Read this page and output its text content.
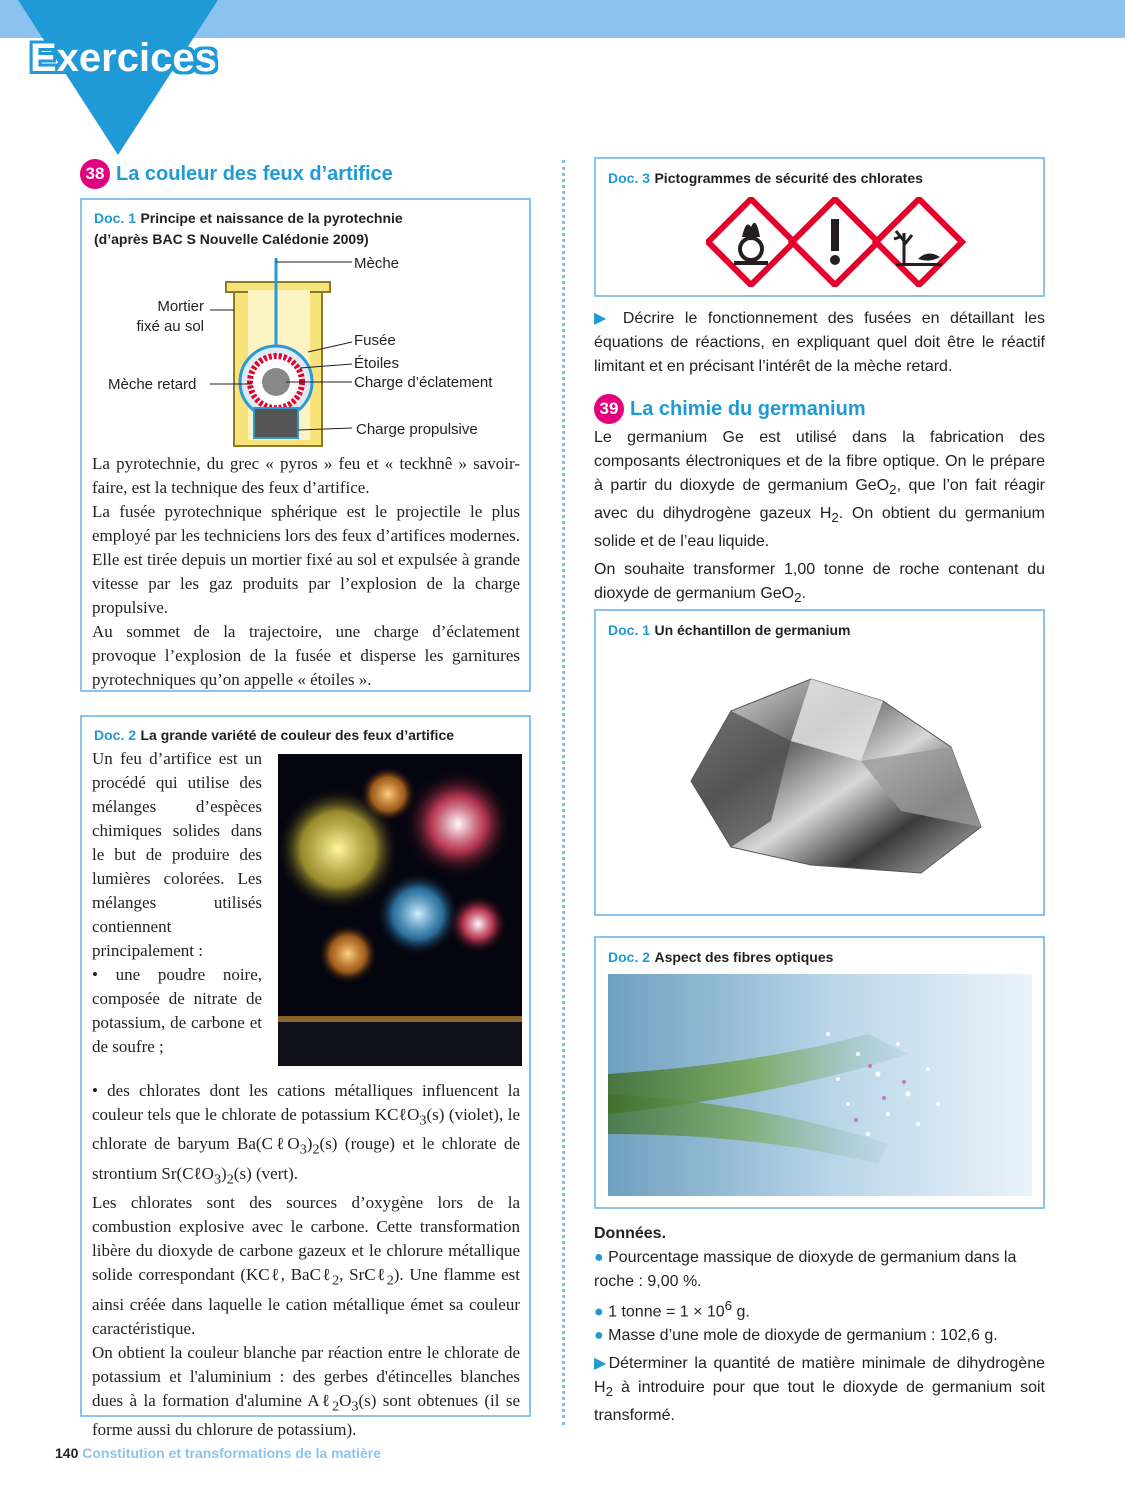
Exercices
38 La couleur des feux d’artifice
Doc. 1 Principe et naissance de la pyrotechnie
(d’après BAC S Nouvelle Calédonie 2009)
Mèche
Mortier
fixé au sol
Fusée
Étoiles
Mèche retard	Charge d’éclatement
Charge propulsive
La pyrotechnie, du grec « pyros » feu et « teckhnê » savoir-faire, est la technique des feux d’artifice.
La fusée pyrotechnique sphérique est le projectile le plus employé par les techniciens lors des feux d’artifices modernes. Elle est tirée depuis un mortier fixé au sol et expulsée à grande vitesse par les gaz produits par l’explosion de la charge propulsive.
Au sommet de la trajectoire, une charge d’éclatement provoque l’explosion de la fusée et disperse les garnitures pyrotechniques qu’on appelle « étoiles ».
Doc. 2 La grande variété de couleur des feux d’artifice
Un feu d’artifice est un procédé qui utilise des mélanges d’espèces chimiques solides dans le but de produire des lumières colorées. Les mélanges utilisés contiennent principalement :
• une poudre noire, composée de nitrate de potassium, de carbone et de soufre ;
• des chlorates dont les cations métalliques influencent la couleur tels que le chlorate de potassium KCℓO$_3$(s) (violet), le chlorate de baryum $Ba(C\ell O_3)_2(s)$ (rouge) et le chlorate de strontium $Sr(C\ell O_3)_2(s)$ (vert).
Les chlorates sont des sources d’oxygène lors de la combustion explosive avec le carbone. Cette transformation libère du dioxyde de carbone gazeux et le chlorure métallique solide correspondant (KCℓ, BaCℓ$_2$, SrCℓ$_2$). Une flamme est ainsi créée dans laquelle le cation métallique émet sa couleur caractéristique.
On obtient la couleur blanche par réaction entre le chlorate de potassium et l'aluminium : des gerbes d'étincelles blanches dues à la formation d'alumine $A\ell_2O_3(s)$ sont obtenues (il se forme aussi du chlorure de potassium).
Doc. 3 Pictogrammes de sécurité des chlorates
▶ Décrire le fonctionnement des fusées en détaillant les équations de réactions, en expliquant quel doit être le réactif limitant et en précisant l’intérêt de la mèche retard.
39 La chimie du germanium
Le germanium Ge est utilisé dans la fabrication des composants électroniques et de la fibre optique. On le prépare à partir du dioxyde de germanium GeO$_2$, que l’on fait réagir avec du dihydrogène gazeux $H_2$. On obtient du germanium solide et de l’eau liquide.
On souhaite transformer 1,00 tonne de roche contenant du dioxyde de germanium GeO$_2$.
Doc. 1 Un échantillon de germanium
Doc. 2 Aspect des fibres optiques
Données.
● Pourcentage massique de dioxyde de germanium dans la roche : 9,00 %.
● 1 tonne = $1 \times 10^6$ g.
● Masse d’une mole de dioxyde de germanium : 102,6 g.
▶Déterminer la quantité de matière minimale de dihydrogène $H_2$ à introduire pour que tout le dioxyde de germanium soit transformé.
140 Constitution et transformations de la matière
